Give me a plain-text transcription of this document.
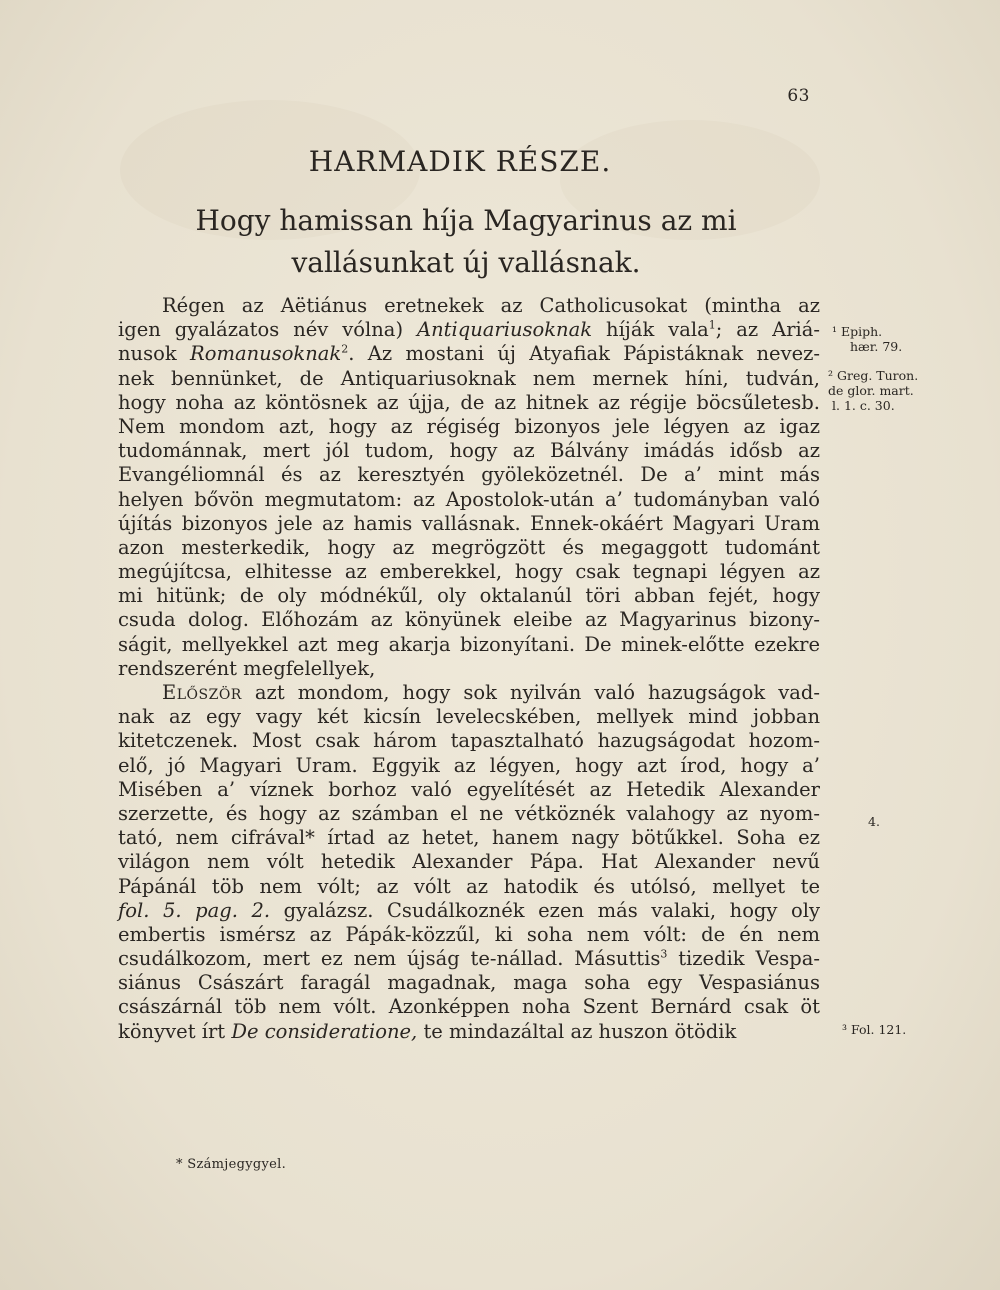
63
HARMADIK RÉSZE.
Hogy hamissan híja Magyarinus az mi vallásunkat új vallásnak.
Régen az Aëtiánus eretnekek az Catholicusokat (mintha az
igen gyalázatos név vólna) Antiquariusoknak híják vala$^1$; az Ariá-
nusok Romanusoknak$^2$. Az mostani új Atyafiak Pápistáknak nevez-
nek bennünket, de Antiquariusoknak nem mernek híni, tudván,
hogy noha az köntösnek az újja, de az hitnek az régije böcsűletesb.
Nem mondom azt, hogy az régiség bizonyos jele légyen az igaz
tudománnak, mert jól tudom, hogy az Bálvány imádás idősb az
Evangéliomnál és az keresztyén gyöleközetnél. De a’ mint más
helyen bővön megmutatom: az Apostolok-után a’ tudományban való
újítás bizonyos jele az hamis vallásnak. Ennek-okáért Magyari Uram
azon mesterkedik, hogy az megrögzött és megaggott tudománt
megújítcsa, elhitesse az emberekkel, hogy csak tegnapi légyen az
mi hitünk; de oly módnékűl, oly oktalanúl töri abban fejét, hogy
csuda dolog. Előhozám az könyünek eleibe az Magyarinus bizony-
ságit, mellyekkel azt meg akarja bizonyítani. De minek-előtte ezekre
rendszerént megfelellyek,
Először azt mondom, hogy sok nyilván való hazugságok vad-
nak az egy vagy két kicsín levelecskében, mellyek mind jobban
kitetczenek. Most csak három tapasztalható hazugságodat hozom-
elő, jó Magyari Uram. Eggyik az légyen, hogy azt írod, hogy a’
Misében a’ víznek borhoz való egyelítését az Hetedik Alexander
szerzette, és hogy az számban el ne vétköznék valahogy az nyom-
tató, nem cifrával* írtad az hetet, hanem nagy bötűkkel. Soha ez
világon nem vólt hetedik Alexander Pápa. Hat Alexander nevű
Pápánál töb nem vólt; az vólt az hatodik és utólsó, mellyet te
fol. 5. pag. 2. gyalázsz. Csudálkoznék ezen más valaki, hogy oly
embertis ismérsz az Pápák-közzűl, ki soha nem vólt: de én nem
csudálkozom, mert ez nem újság te-nállad. Másuttis$^3$ tizedik Vespa-
siánus Császárt faragál magadnak, maga soha egy Vespasiánus
császárnál töb nem vólt. Azonképpen noha Szent Bernárd csak öt
könyvet írt De consideratione, te mindazáltal az huszon ötödik
¹ Epiph.
hær. 79.
² Greg. Turon.
de glor. mart.
l. 1. c. 30.
4.
³ Fol. 121.
* Számjegygyel.
